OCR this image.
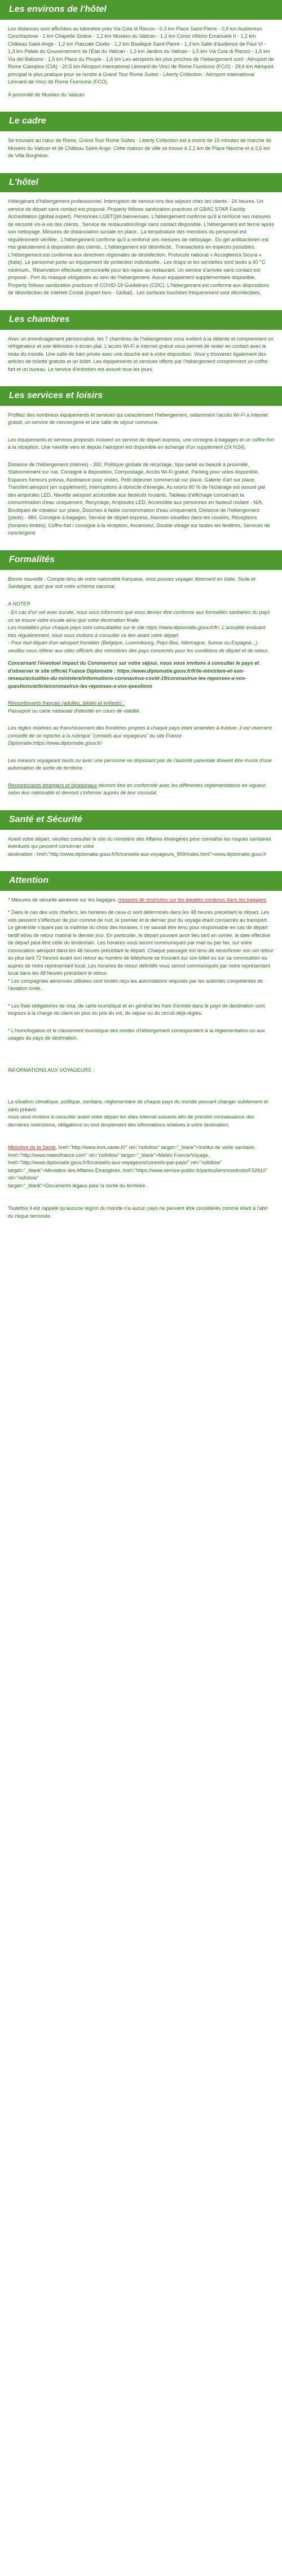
Les environs de l'hôtel

Les distances sont affichées au kilomètre près Via Cola di Rienzo - 0,3 km Place Saint-Pierre - 0,9 km Auditorium Conciliazione - 1 km Chapelle Sixtine - 1,2 km Musées du Vatican - 1,2 km Corso Vittorio Emanuele II - 1,2 km Château Saint-Ange - 1,2 km Piazzale Clodio - 1,2 km Basilique Saint-Pierre - 1,3 km Salle d'audience de Paul VI - 1,3 km Palais du Gouvernement de l'État du Vatican - 1,3 km Jardins du Vatican - 1,5 km Via Cola di Rienzo - 1,5 km Via del Babuino - 1,5 km Place du Peuple - 1,6 km Les aéroports les plus proches de l'hébergement sont : Aéroport de Rome Ciampino (CIA) - 20,5 km Aéroport international Léonard-de-Vinci de Rome Fiumicino (FCO) - 29,6 km Aéroport principal le plus pratique pour se rendre à Grand Tour Rome Suites - Liberty Collection : Aéroport international Léonard-de-Vinci de Rome Fiumicino (FCO).

À proximité de Musées du Vatican

Le cadre

Se trouvant au cœur de Rome, Grand Tour Rome Suites - Liberty Collection est à moins de 15 minutes de marche de Musées du Vatican et de Château Saint-Ange. Cette maison de ville se trouve à 2,1 km de Place Navone et à 2,5 km de Villa Borghèse.

L'hôtel

Hôte/gérant d'hébergement professionnel. Interruption de service lors des séjours chez les clients - 24 heures. Un service de départ sans contact est proposé. Property follows sanitization practices of GBAC STAR Facility Accreditation (global expert). Personnes LGBTQIA bienvenues. L'hébergement confirme qu'il a renforcé ses mesures de sécurité vis-à-vis des clients.. Service de restauration/linge sans contact disponible. L'hébergement est fermé après son nettoyage. Mesures de distanciation sociale en place.. La température des membres du personnel est régulièrement vérifiée.. L'hébergement confirme qu'il a renforcé ses mesures de nettoyage.. Du gel antibactérien est mis gratuitement à disposition des clients.. L'hébergement est désinfecté.. Transactions en espèces possibles. L'hébergement est conforme aux directives régionales de désinfection. Protocole national « Accoglienza Sicura » (Italie). Le personnel porte un équipement de protection individuelle.. Les draps et les serviettes sont lavés à 60 °C minimum.. Réservation effectuée personnelle pour les repas au restaurant. Un service d'arrivée sans contact est proposé.. Port du masque obligatoire au sein de l'hébergement. Aucun équipement supplémentaire disponible. Property follows sanitization practices of COVID-19 Guidelines (CDC). L'hébergement est conforme aux dispositions de désinfection de Intertek Cristal (expert tiers - Global).. Les surfaces touchées fréquemment sont désinfectées.

Les chambres

Avec un emménagement personnalisé, les 7 chambres de l'hébergement vous invitent à la détente et comprennent un réfrigérateur et une télévision à écran plat. L'accès Wi-Fi à Internet gratuit vous permet de rester en contact avec le reste du monde. Une salle de bain privée avec une douche est à votre disposition. Vous y trouverez également des articles de toilette gratuits et un bidet. Les équipements et services offerts par l'hébergement comprennent un coffre-fort et un bureau. Le service d'entretien est assuré tous les jours.

Les services et loisirs

Profitez des nombreux équipements et services qui caractérisent l'hébergement, notamment l'accès Wi-Fi à Internet gratuit, un service de conciergerie et une salle de séjour commune.

Les équipements et services proposés incluent un service de départ express, une consigne à bagages et un coffre-fort à la réception. Une navette vers et depuis l'aéroport est disponible en échange d'un supplément (24 h/24).

Distance de l'hébergement (mètres) - 300, Politique globale de recyclage, Spa santé ou beauté à proximité, Stationnement sur rue, Consigne à disposition, Compostage, Accès Wi-Fi gratuit, Parking pour vélos disponible, Espaces fumeurs prévus, Assistance pour visites, Petit-déjeuner commercial sur place, Galerie d'art sur place, Transfert aéroport (en supplément), Interruptions à domicile d'énergie, Au moins 80 % de l'éclairage est assuré par des ampoules LED, Navette aéroport accessible aux fauteuils roulants, Tableau d'affichage concernant la consommation d'eau uniquement, Recyclage, Ampoules LED, Accessible aux personnes en fauteuil roulant - N/A, Boutiques de créateur sur place, Douches à faible consommation d'eau uniquement, Distance de l'hébergement (pieds) - 984, Consigne à bagages, Service de départ express, Alarmes visuelles dans les couloirs, Réceptions (horaires limités), Coffre-fort / consigne à la réception, Ascenseur, Double vitrage sur toutes les fenêtres, Services de conciergerie

Formalités

Bonne nouvelle : Compte tenu de votre nationalité française, vous pouvez voyager librement en Italie, Sicile et Sardaigne, quel que soit votre schéma vaccinal.

A NOTER

- En cas d'un vol avec escale, nous vous informons que vous devrez être conforme aux formalités sanitaires du pays où se trouve votre escale ainsi que votre destination finale.
Les modalités pour chaque pays sont consultables sur le site https://www.diplomatie.gouv.fr/fr/. L'actualité évoluant très régulièrement, nous vous invitons à consulter ce lien avant votre départ.
- Pour tout départ d'un aéroport frontalier (Belgique, Luxembourg, Pays-Bas, Allemagne, Suisse ou Espagne...), veuillez vous référer aux sites officiels des ministères des pays concernés pour les conditions de départ et de retour.

Concernant l'éventuel impact du Coronavirus sur votre séjour, nous vous invitons à consulter le pays et d'observer le site officiel France Diplomatie : https://www.diplomatie.gouv.fr/fr/le-ministere-et-son-reseau/actualites-du-ministere/informations-coronavirus-covid-19/coronavirus-les-reponses-a-vos-questions/article/coronavirus-les-reponses-a-vos-questions

Ressortissants français (adultes, bébés et enfants) :

Passeport ou carte nationale d'identité en cours de validité.

Les règles relatives au franchissement des frontières propres à chaque pays étant amenées à évoluer, il est vivement conseillé de se reporter à la rubrique "conseils aux voyageurs" du site France Diplomatie:https://www.diplomatie.gouv.fr/

Les mineurs voyageant seuls ou avec une personne ne disposant pas de l'autorité parentale doivent être munis d'une autorisation de sortie de territoire.

Ressortissants étrangers et binationaux devront être en conformité avec les différentes réglementations en vigueur, selon leur nationalité et devront s'informer auprès de leur consulat.

Santé et Sécurité

Avant votre départ, veuillez consulter le site du ministère des Affaires étrangères pour connaître les risques sanitaires éventuels qui peuvent concerner votre
destination : href="http://www.diplomatie.gouv.fr/fr/conseils-aux-voyageurs_909/index.html">www.diplomatie.gouv.fr

Attention

* Mesures de sécurité aérienne sur les bagages: mesures de restriction sur les liquides contenus dans les bagages

* Dans le cas des vols charters, les horaires de ceux-ci sont déterminés dans les 48 heures précédant le départ. Les vols peuvent s'effectuer de jour comme de nuit, le premier et le dernier jour du voyage étant consacrés au transport. Le génériste n'ayant pas la maîtrise du choix des horaires, il ne saurait être tenu pour responsable en cas de départ tardif et/ou de retour matinal le dernier jour. En particulier, le départ pouvant avoir lieu tard en soirée, la date effective de départ peut être celle du lendemain. Les horaires vous seront communiqués par mail ou par fax, sur votre convocation aéroport dans les 48 heures précédant le départ. Chaque passager est tenu de reconfirmer son vol retour au plus tard 72 heures avant son retour au numéro de téléphone se trouvant sur son billet ou sur sa convocation ou auprès de notre représentant local. Les horaires de retour définitifs vous seront communiqués par notre représentant local dans les 48 heures précédant le retour.
* Les compagnies aériennes utilisées sont toutes reçu les autorisations requises par les autorités compétentes de l'aviation civile.

* Les frais obligatoires de visa, de carte touristique et en général les frais d'entrée dans le pays de destination sont toujours à la charge du client en plus du prix du vol, du séjour ou du circuit déjà réglés.

* L'homologation et le classement touristique des modes d'hébergement correspondent à la réglementation ou aux usages du pays de destination.

INFORMATIONS AUX VOYAGEURS :

La situation climatique, politique, sanitaire, réglementaire de chaque pays du monde pouvant changer subitement et sans préavis
nous vous invitons à consulter avant votre départ les sites Internet suivants afin de prendre connaissance des dernières restrictions, obligations ou tout simplement des informations relatives à votre destination.

Ministère de la Santé, href="http://www.invs.sante.fr/" rel="nofollow" target="_blank">Institut de veille sanitaire,
href="http://www.meteofrance.com" rel="nofollow" target="_blank">Météo France/Voyage, href="http://www.diplomatie.gouv.fr/fr/conseils-aux-voyageurs/conseils-par-pays/" rel="nofollow"
target="_blank">Ministère des Affaires Étrangères, href="https://www.service-public.fr/particuliers/vosdroits/F32810" rel="nofollow"
target="_blank">Documents légaux pour la sortie du territoire.

Toutefois il est rappelé qu'aucune région du monde n'a aucun pays ne peuvent être considérés comme étant à l'abri du risque terroriste.
